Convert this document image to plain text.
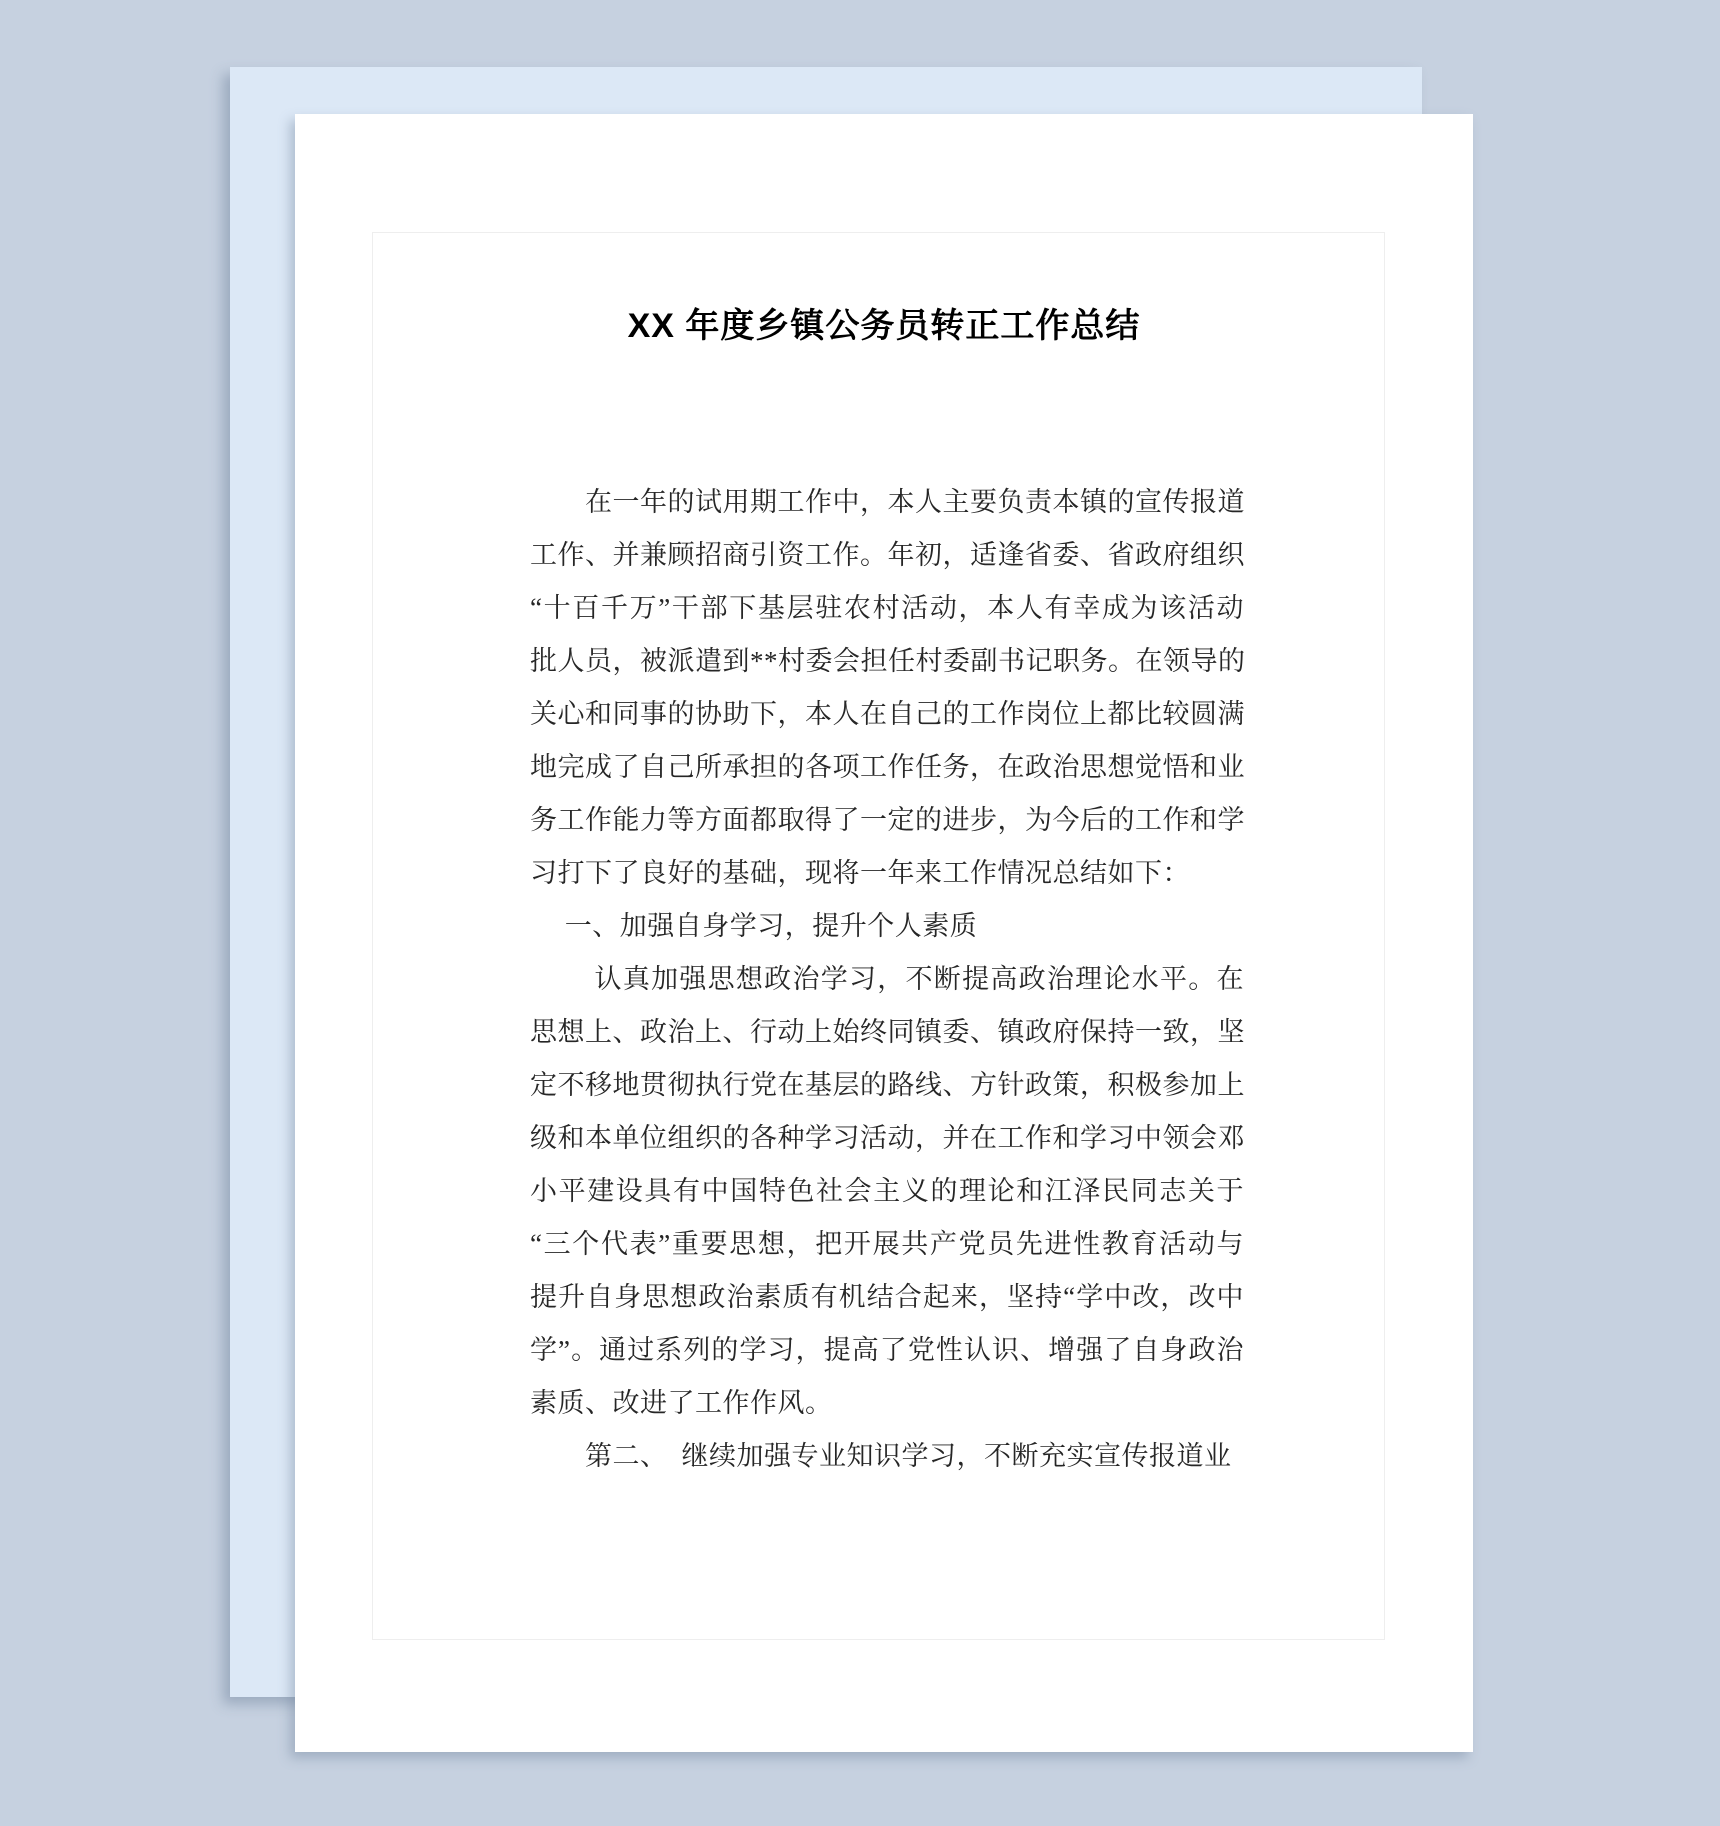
XX 年度乡镇公务员转正工作总结
　　在一年的试用期工作中，本人主要负责本镇的宣传报道
工作、并兼顾招商引资工作。年初，适逢省委、省政府组织
“十百千万”干部下基层驻农村活动，本人有幸成为该活动
批人员，被派遣到**村委会担任村委副书记职务。在领导的
关心和同事的协助下，本人在自己的工作岗位上都比较圆满
地完成了自己所承担的各项工作任务，在政治思想觉悟和业
务工作能力等方面都取得了一定的进步，为今后的工作和学
习打下了良好的基础，现将一年来工作情况总结如下：
　 一、加强自身学习，提升个人素质
　　 认真加强思想政治学习，不断提高政治理论水平。在
思想上、政治上、行动上始终同镇委、镇政府保持一致，坚
定不移地贯彻执行党在基层的路线、方针政策，积极参加上
级和本单位组织的各种学习活动，并在工作和学习中领会邓
小平建设具有中国特色社会主义的理论和江泽民同志关于
“三个代表”重要思想，把开展共产党员先进性教育活动与
提升自身思想政治素质有机结合起来，坚持“学中改，改中
学”。通过系列的学习，提高了党性认识、增强了自身政治
素质、改进了工作作风。
　　第二、　继续加强专业知识学习，不断充实宣传报道业
